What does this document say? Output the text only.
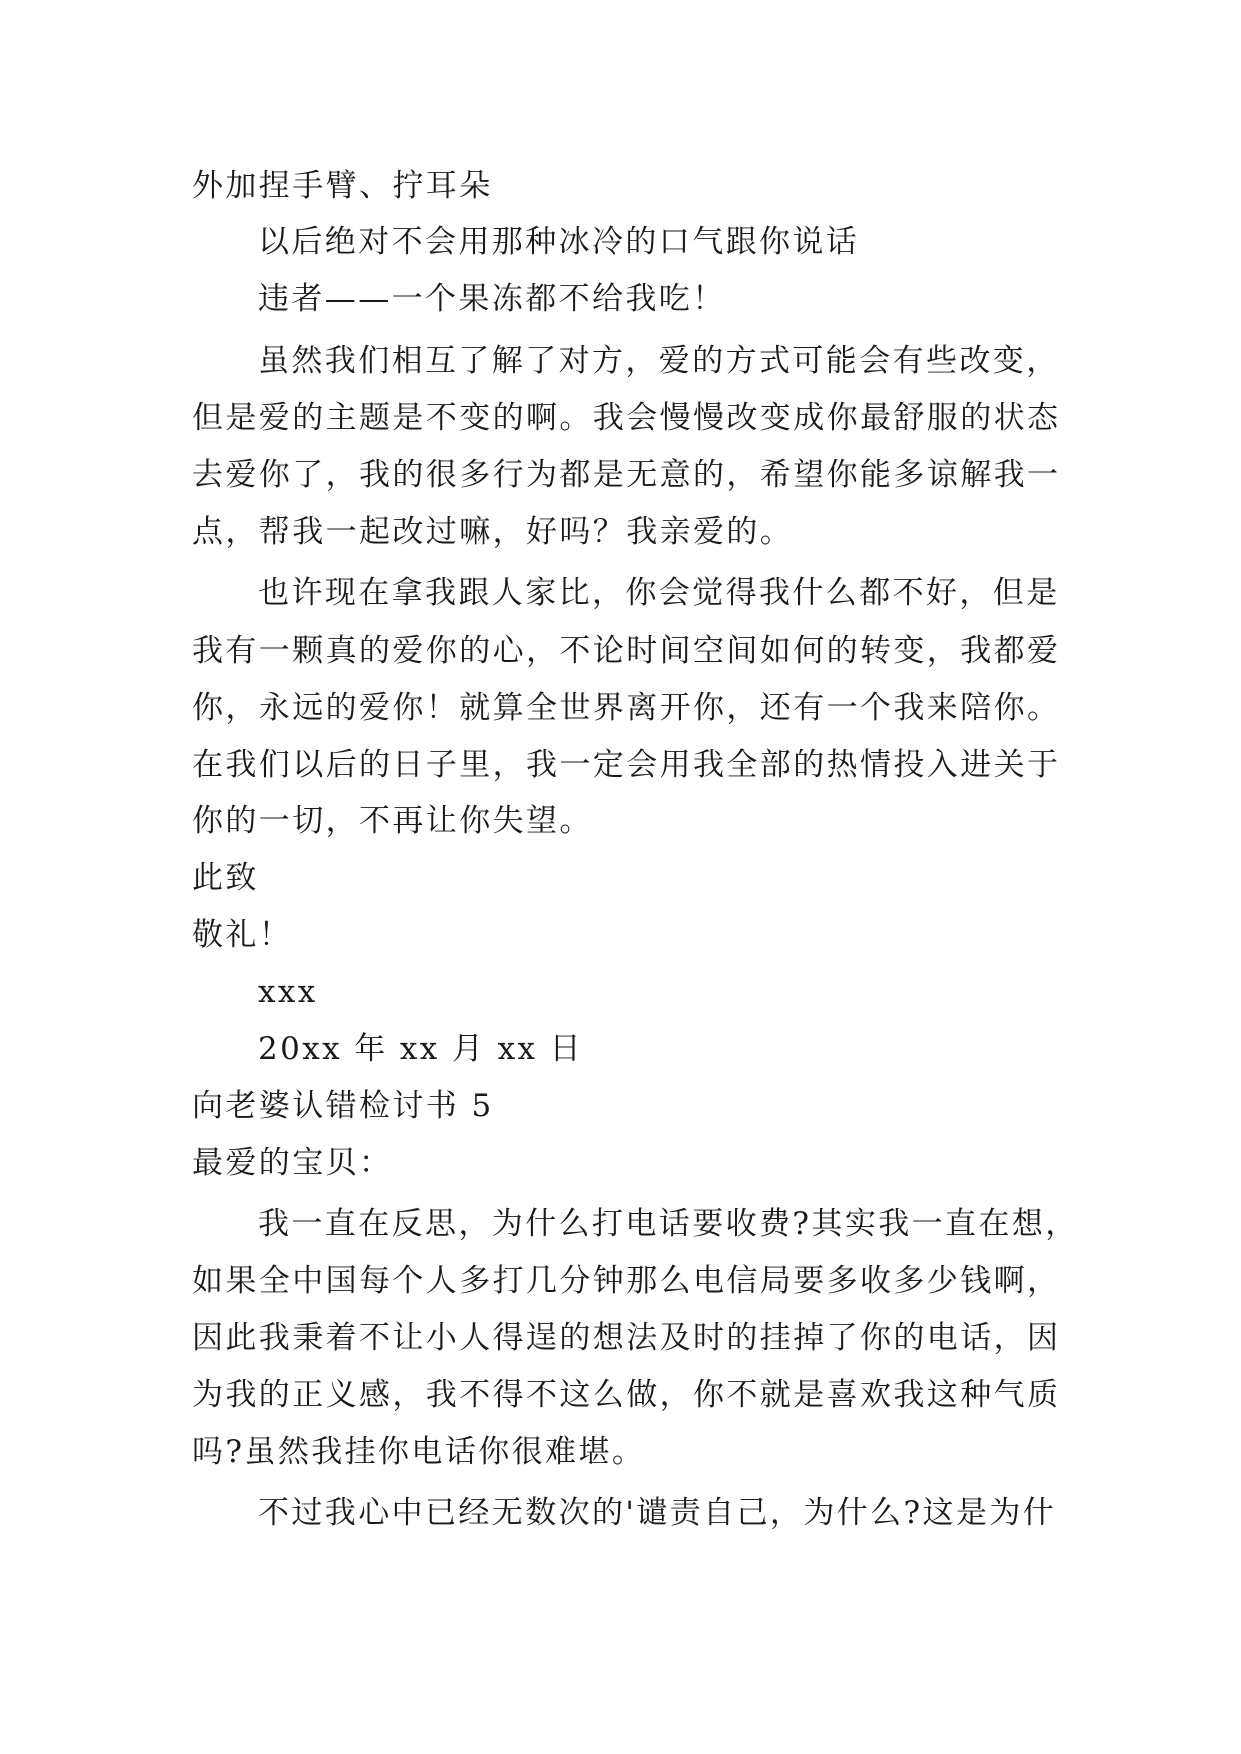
外加捏手臂、拧耳朵
以后绝对不会用那种冰冷的口气跟你说话
违者——一个果冻都不给我吃！
虽然我们相互了解了对方，爱的方式可能会有些改变，
但是爱的主题是不变的啊。我会慢慢改变成你最舒服的状态
去爱你了，我的很多行为都是无意的，希望你能多谅解我一
点，帮我一起改过嘛，好吗？我亲爱的。
也许现在拿我跟人家比，你会觉得我什么都不好，但是
我有一颗真的爱你的心，不论时间空间如何的转变，我都爱
你，永远的爱你！就算全世界离开你，还有一个我来陪你。
在我们以后的日子里，我一定会用我全部的热情投入进关于
你的一切，不再让你失望。
此致
敬礼！
xxx
20xx 年 xx 月 xx 日
向老婆认错检讨书 5
最爱的宝贝：
我一直在反思，为什么打电话要收费?其实我一直在想，
如果全中国每个人多打几分钟那么电信局要多收多少钱啊，
因此我秉着不让小人得逞的想法及时的挂掉了你的电话，因
为我的正义感，我不得不这么做，你不就是喜欢我这种气质
吗?虽然我挂你电话你很难堪。
不过我心中已经无数次的'谴责自己，为什么?这是为什
